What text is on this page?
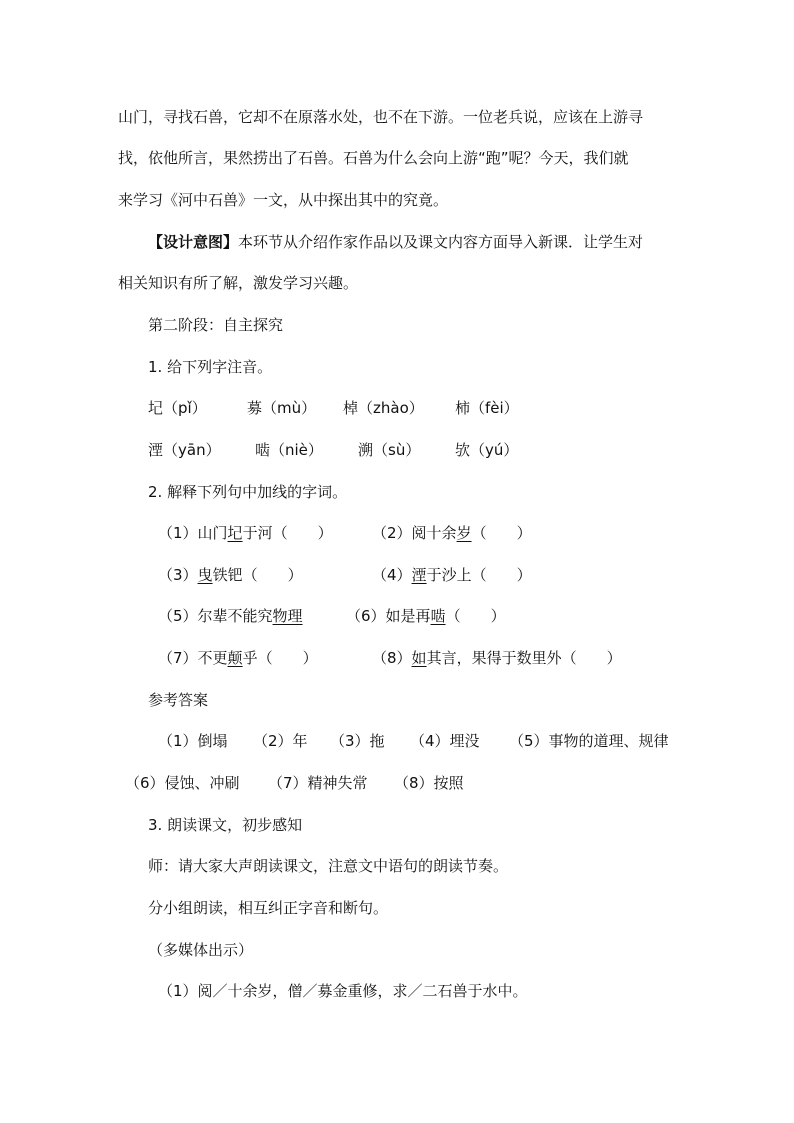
山门，寻找石兽，它却不在原落水处，也不在下游。一位老兵说，应该在上游寻
找，依他所言，果然捞出了石兽。石兽为什么会向上游“跑”呢？今天，我们就
来学习《河中石兽》一文，从中探出其中的究竟。
【设计意图】本环节从介绍作家作品以及课文内容方面导入新课．让学生对
相关知识有所了解，激发学习兴趣。
第二阶段：自主探究
1. 给下列字注音。
圮（pǐ）	募（mù） 棹（zhào） 柿（fèi）
湮（yān） 啮（niè） 溯（sù） 欤（yú）
2. 解释下列句中加线的字词。
（1）山门圮于河（　　）	（2）阅十余岁（　　）
（3）曳铁钯（　　）	（4）湮于沙上（　　）
（5）尔辈不能究物理	（6）如是再啮（　　）
（7）不更颠乎（　　）	（8）如其言，果得于数里外（　　）
参考答案
（1）倒塌 （2）年 （3）拖 （4）埋没 （5）事物的道理、规律
（6）侵蚀、冲刷 （7）精神失常 （8）按照
3. 朗读课文，初步感知
师：请大家大声朗读课文，注意文中语句的朗读节奏。
分小组朗读，相互纠正字音和断句。
（多媒体出示）
（1）阅／十余岁，僧／募金重修，求／二石兽于水中。
